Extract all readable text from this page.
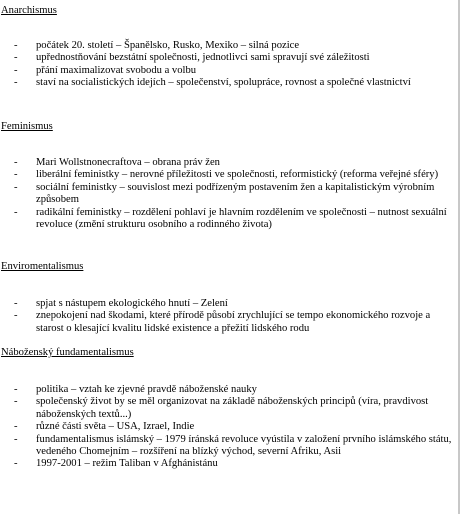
Anarchismus

- počátek 20. století – Španělsko, Rusko, Mexiko – silná pozice
- upřednostňování bezstátní společnosti, jednotlivci sami spravují své záležitosti
- přání maximalizovat svobodu a volbu
- staví na socialistických idejích – společenství, spolupráce, rovnost a společné vlastnictví

Feminismus

- Mari Wollstnonecraftova – obrana práv žen
- liberální feministky – nerovné příležitosti ve společnosti, reformistický (reforma veřejné sféry)
- sociální feministky – souvislost mezi podřízeným postavením žen a kapitalistickým výrobním způsobem
- radikální feministky – rozdělení pohlaví je hlavním rozdělením ve společnosti – nutnost sexuální revoluce (změní strukturu osobního a rodinného života)

Enviromentalismus

- spjat s nástupem ekologického hnutí – Zelení
- znepokojení nad škodami, které přírodě působí zrychlující se tempo ekonomického rozvoje a starost o klesající kvalitu lidské existence a přežití lidského rodu

Náboženský fundamentalismus

- politika – vztah ke zjevné pravdě náboženské nauky
- společenský život by se měl organizovat na základě náboženských principů (víra, pravdivost náboženských textů...)
- různé části světa – USA, Izrael, Indie
- fundamentalismus islámský – 1979 íránská revoluce vyústila v založení prvního islámského státu, vedeného Chomejním – rozšíření na blízký východ, severní Afriku, Asii
- 1997-2001 – režim Taliban v Afghánistánu
